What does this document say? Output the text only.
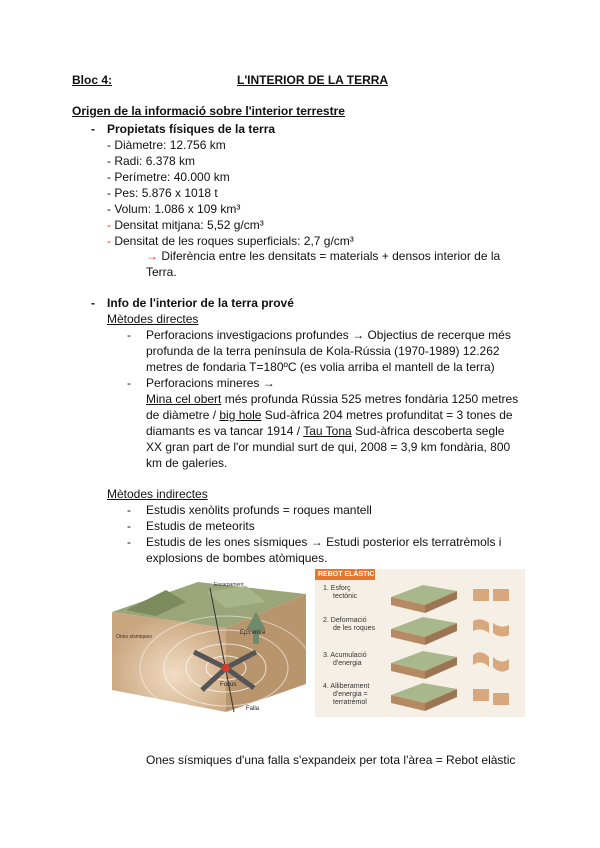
Bloc 4:	L'INTERIOR DE LA TERRA
Origen de la informació sobre l'interior terrestre
- Propietats físiques de la terra
- Diàmetre: 12.756 km
- Radi: 6.378 km
- Perímetre: 40.000 km
- Pes: 5.876 x 1018 t
- Volum: 1.086 x 109 km³
- Densitat mitjana: 5,52 g/cm³
- Densitat de les roques superficials: 2,7 g/cm³
→ Diferència entre les densitats = materials + densos interior de la
Terra.
- Info de l'interior de la terra prové
Mètodes directes
- Perforacions investigacions profundes → Objectius de recerque més
profunda de la terra península de Kola-Rússia (1970-1989) 12.262
metres de fondaria T=180ºC (es volia arriba el mantell de la terra)
- Perforacions mineres →
Mina cel obert més profunda Rússia 525 metres fondària 1250 metres
de diàmetre / big hole Sud-àfrica 204 metres profunditat = 3 tones de
diamants es va tancar 1914 / Tau Tona Sud-àfrica descoberta segle
XX gran part de l'or mundial surt de qui, 2008 = 3,9 km fondària, 800
km de galeries.
Mètodes indirectes
- Estudis xenòlits profunds = roques mantell
- Estudis de meteorits
- Estudis de les ones sísmiques → Estudi posterior els terratrèmols i
explosions de bombes atòmiques.
Escarpament
Epicentre
Focus
Falla
Ones sísmiques
REBOT ELÀSTIC
1. Esforç
tectònic
2. Deformació
de les roques
3. Acumulació
d'energia
4. Alliberament
d'energia =
terratrèmol
Ones sísmiques d'una falla s'expandeix per tota l'àrea = Rebot elàstic
